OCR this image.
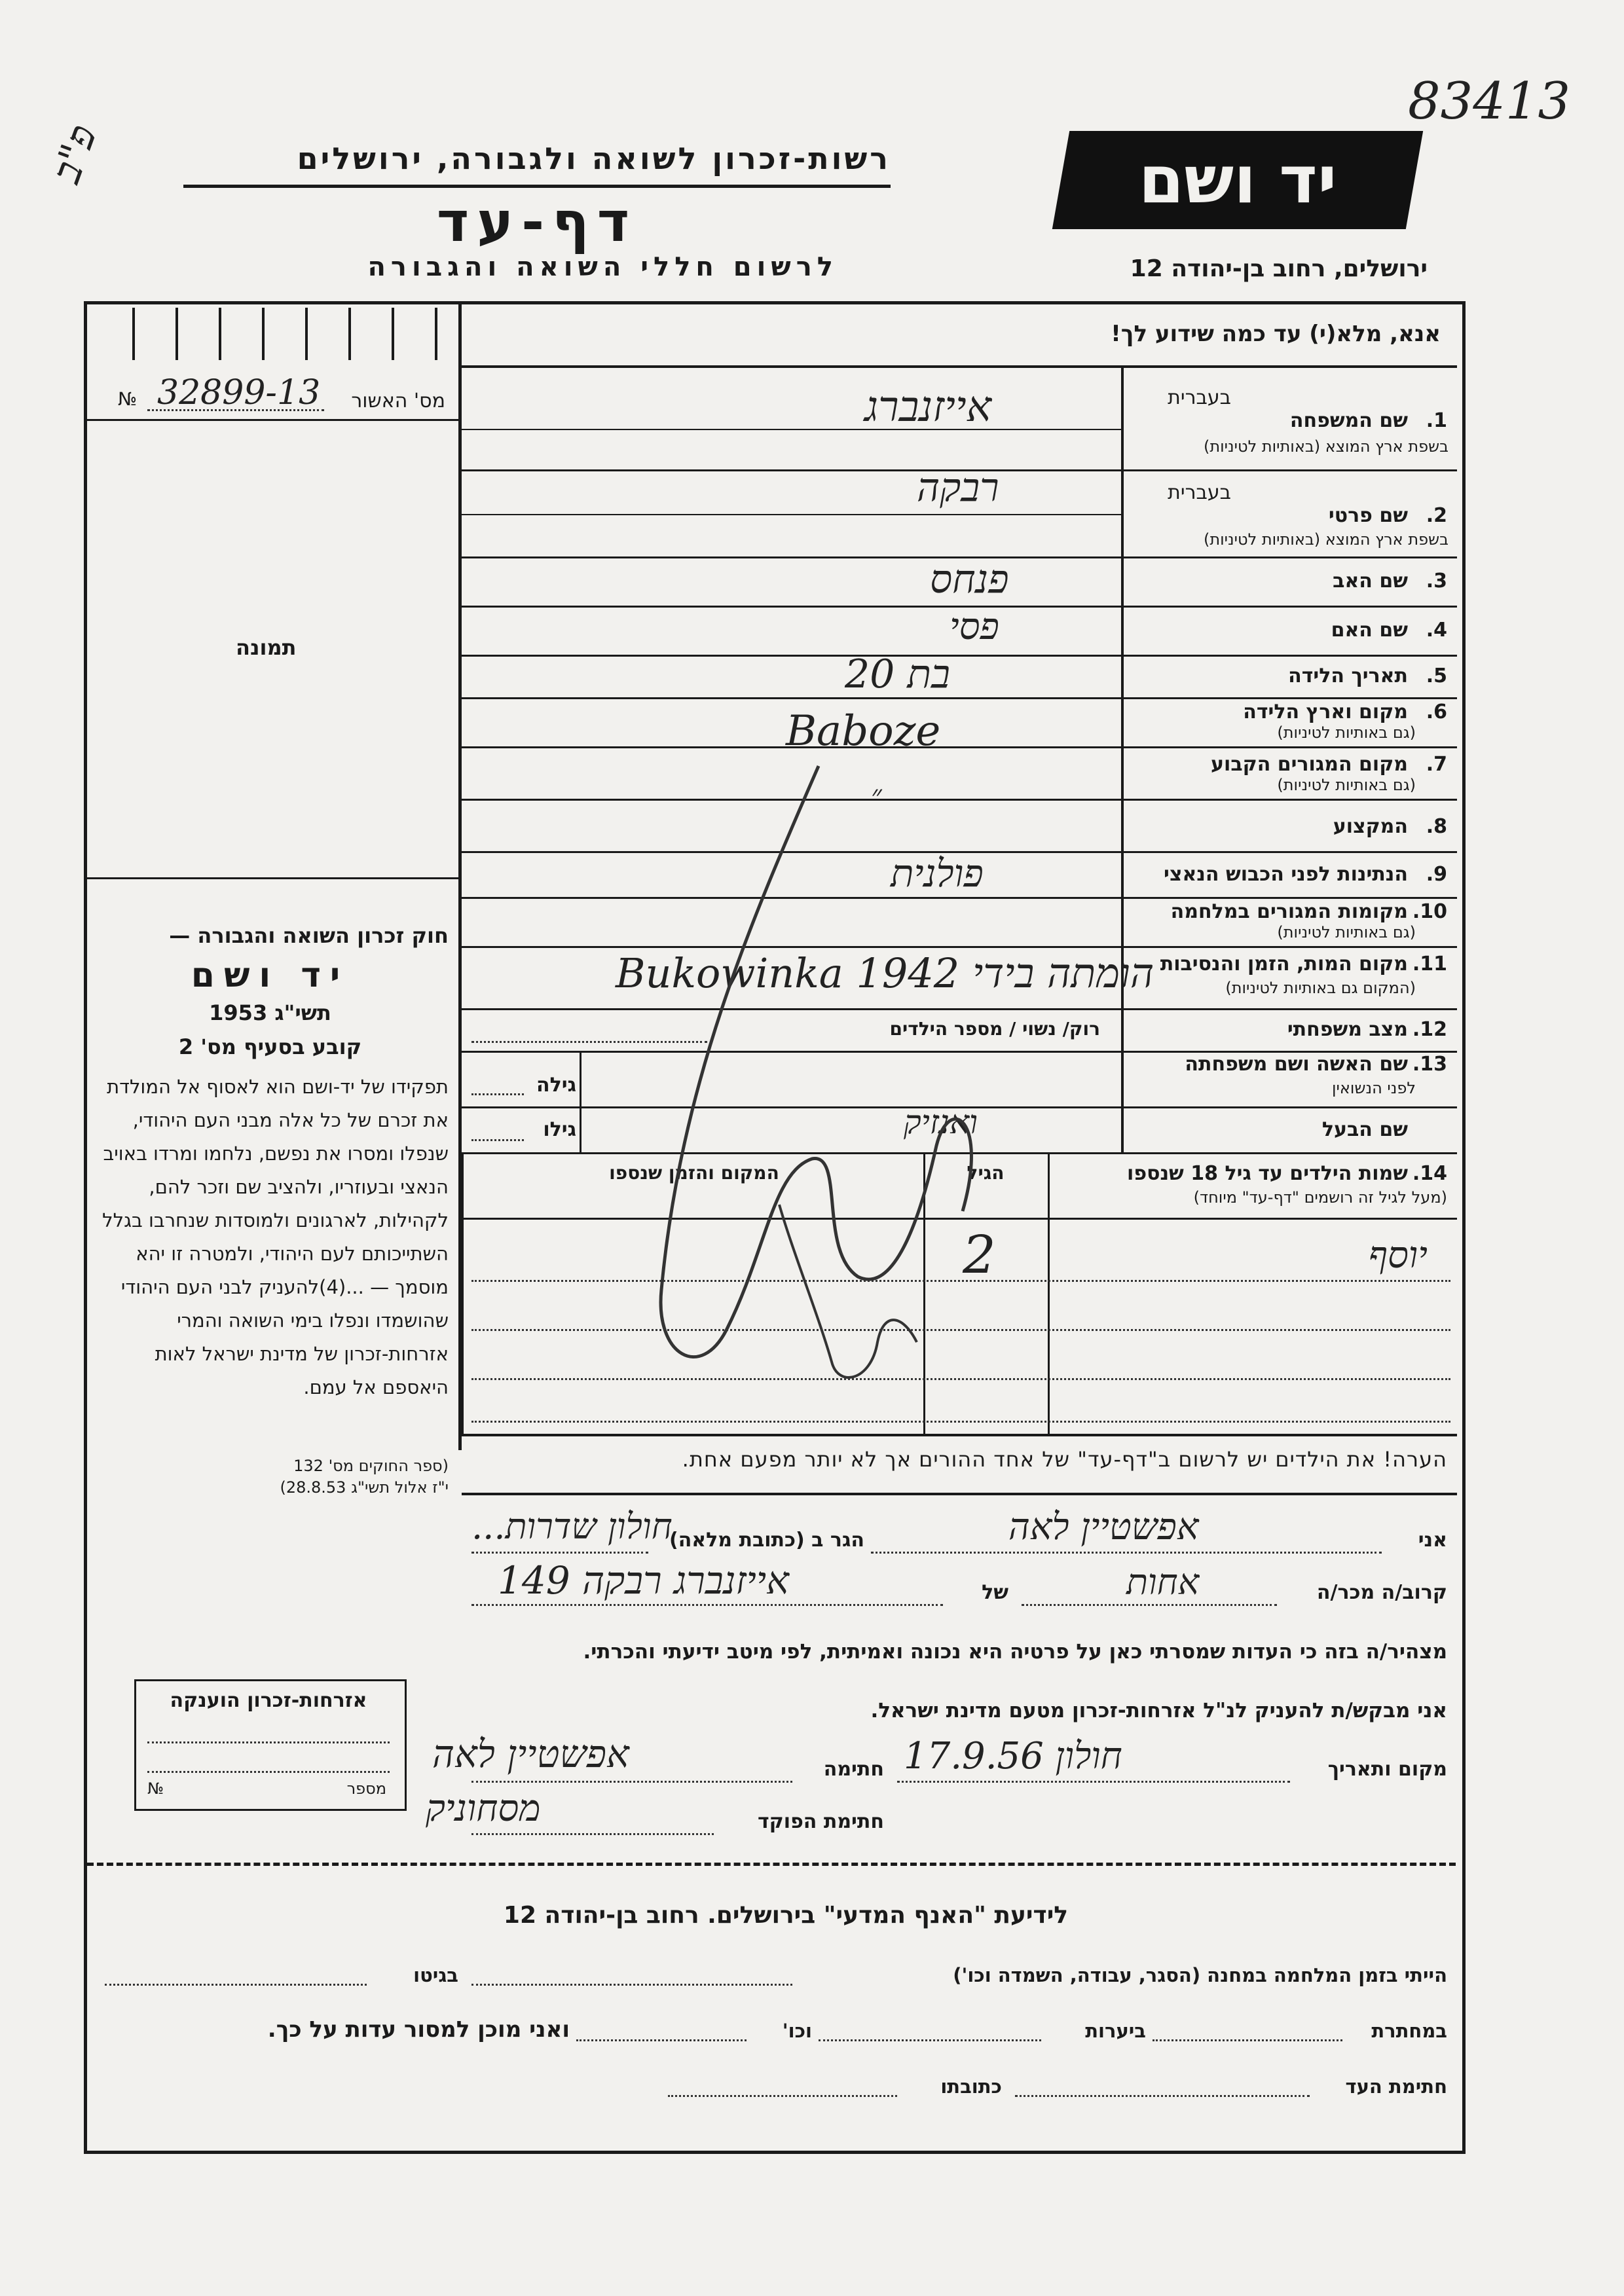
83413
פ"ב	רשות-זכרון לשואה ולגבורה, ירושלים
דף-עד
לרשום חללי השואה והגבורה
יד ושם
ירושלים, רחוב בן-יהודה 12
אנא, מלא(י) עד כמה שידוע לך!
מס' האשור
№ 32899-13
תמונה
חוק זכרון השואה והגבורה —
יד ושם
תשי"ג 1953
קובע בסעיף מס' 2
תפקידו של יד-ושם הוא לאסוף אל המולדת את זכרם של כל אלה מבני העם היהודי, שנפלו ומסרו את נפשם, נלחמו ומרדו באויב הנאצי ובעוזריו, ולהציב שם וזכר להם, לקהילות, לארגונים ולמוסדות שנחרבו בגלל השתייכותם לעם היהודי, ולמטרה זו יהא מוסמך — ...(4)להעניק לבני העם היהודי שהושמדו ונפלו בימי השואה והמרי אזרחות-זכרון של מדינת ישראל לאות היאספם אל עמם.
(ספר החוקים מס' 132
י"ז אלול תשי"ג 28.8.53)
בעברית
1.
שם המשפחה
בשפת ארץ המוצא (באותיות לטיניות)
אייזנברג
בעברית
2.
שם פרטי
בשפת ארץ המוצא (באותיות לטיניות)
רבקה
3.
שם האב
פנחס
4.
שם האם
פסי
5.
תאריך הלידה
בת 20
6.
מקום וארץ הלידה
(גם באותיות לטיניות)
Baboze
7.
מקום המגורים הקבוע
(גם באותיות לטיניות)
״
8.
המקצוע
9.
הנתינות לפני הכבוש הנאצי
פולנית
10.
מקומות המגורים במלחמה
(גם באותיות לטיניות)
11.
מקום המות, הזמן והנסיבות
(המקום גם באותיות לטיניות)
Bukowinka הומתה בידי 1942
12.
מצב משפחתי
רוק/ נשוי / מספר הילדים
13.
שם האשה ושם משפחתה
לפני הנשואין
גילה
שם הבעל
גילו	ואנזיק
14.
שמות הילדים עד גיל 18 שנספו
(מעל לגיל זה רושמים "דף-עד" מיוחד)
הגיל
המקום והזמן שנספו
יוסף
2
הערה! את הילדים יש לרשום ב"דף-עד" של אחד ההורים אך לא יותר מפעם אחת.
אני
אפשטיין לאה
הגר ב (כתובת מלאה)
חולון שדרות...
קרוב/ה מכר/ה
אחות
של
אייזנברג רבקה 149
מצהיר/ה בזה כי העדות שמסרתי כאן על פרטיה היא נכונה ואמיתית, לפי מיטב ידיעתי והכרתי.
אני מבקש/ת להעניק לנ"ל אזרחות-זכרון מטעם מדינת ישראל.
מקום ותאריך
חולון 17.9.56
חתימה
אפשטיין לאה
חתימת הפוקד
מסחוניק
אזרחות-זכרון הוענקה
מספר
№
לידיעת "האנף המדעי" בירושלים. רחוב בן-יהודה 12
הייתי בזמן המלחמה במחנה (הסגר, עבודה, השמדה וכו')
בגיטו
במחתרת
ביערות
וכו'
ואני מוכן למסור עדות על כך.
חתימת העד
כתובתו
